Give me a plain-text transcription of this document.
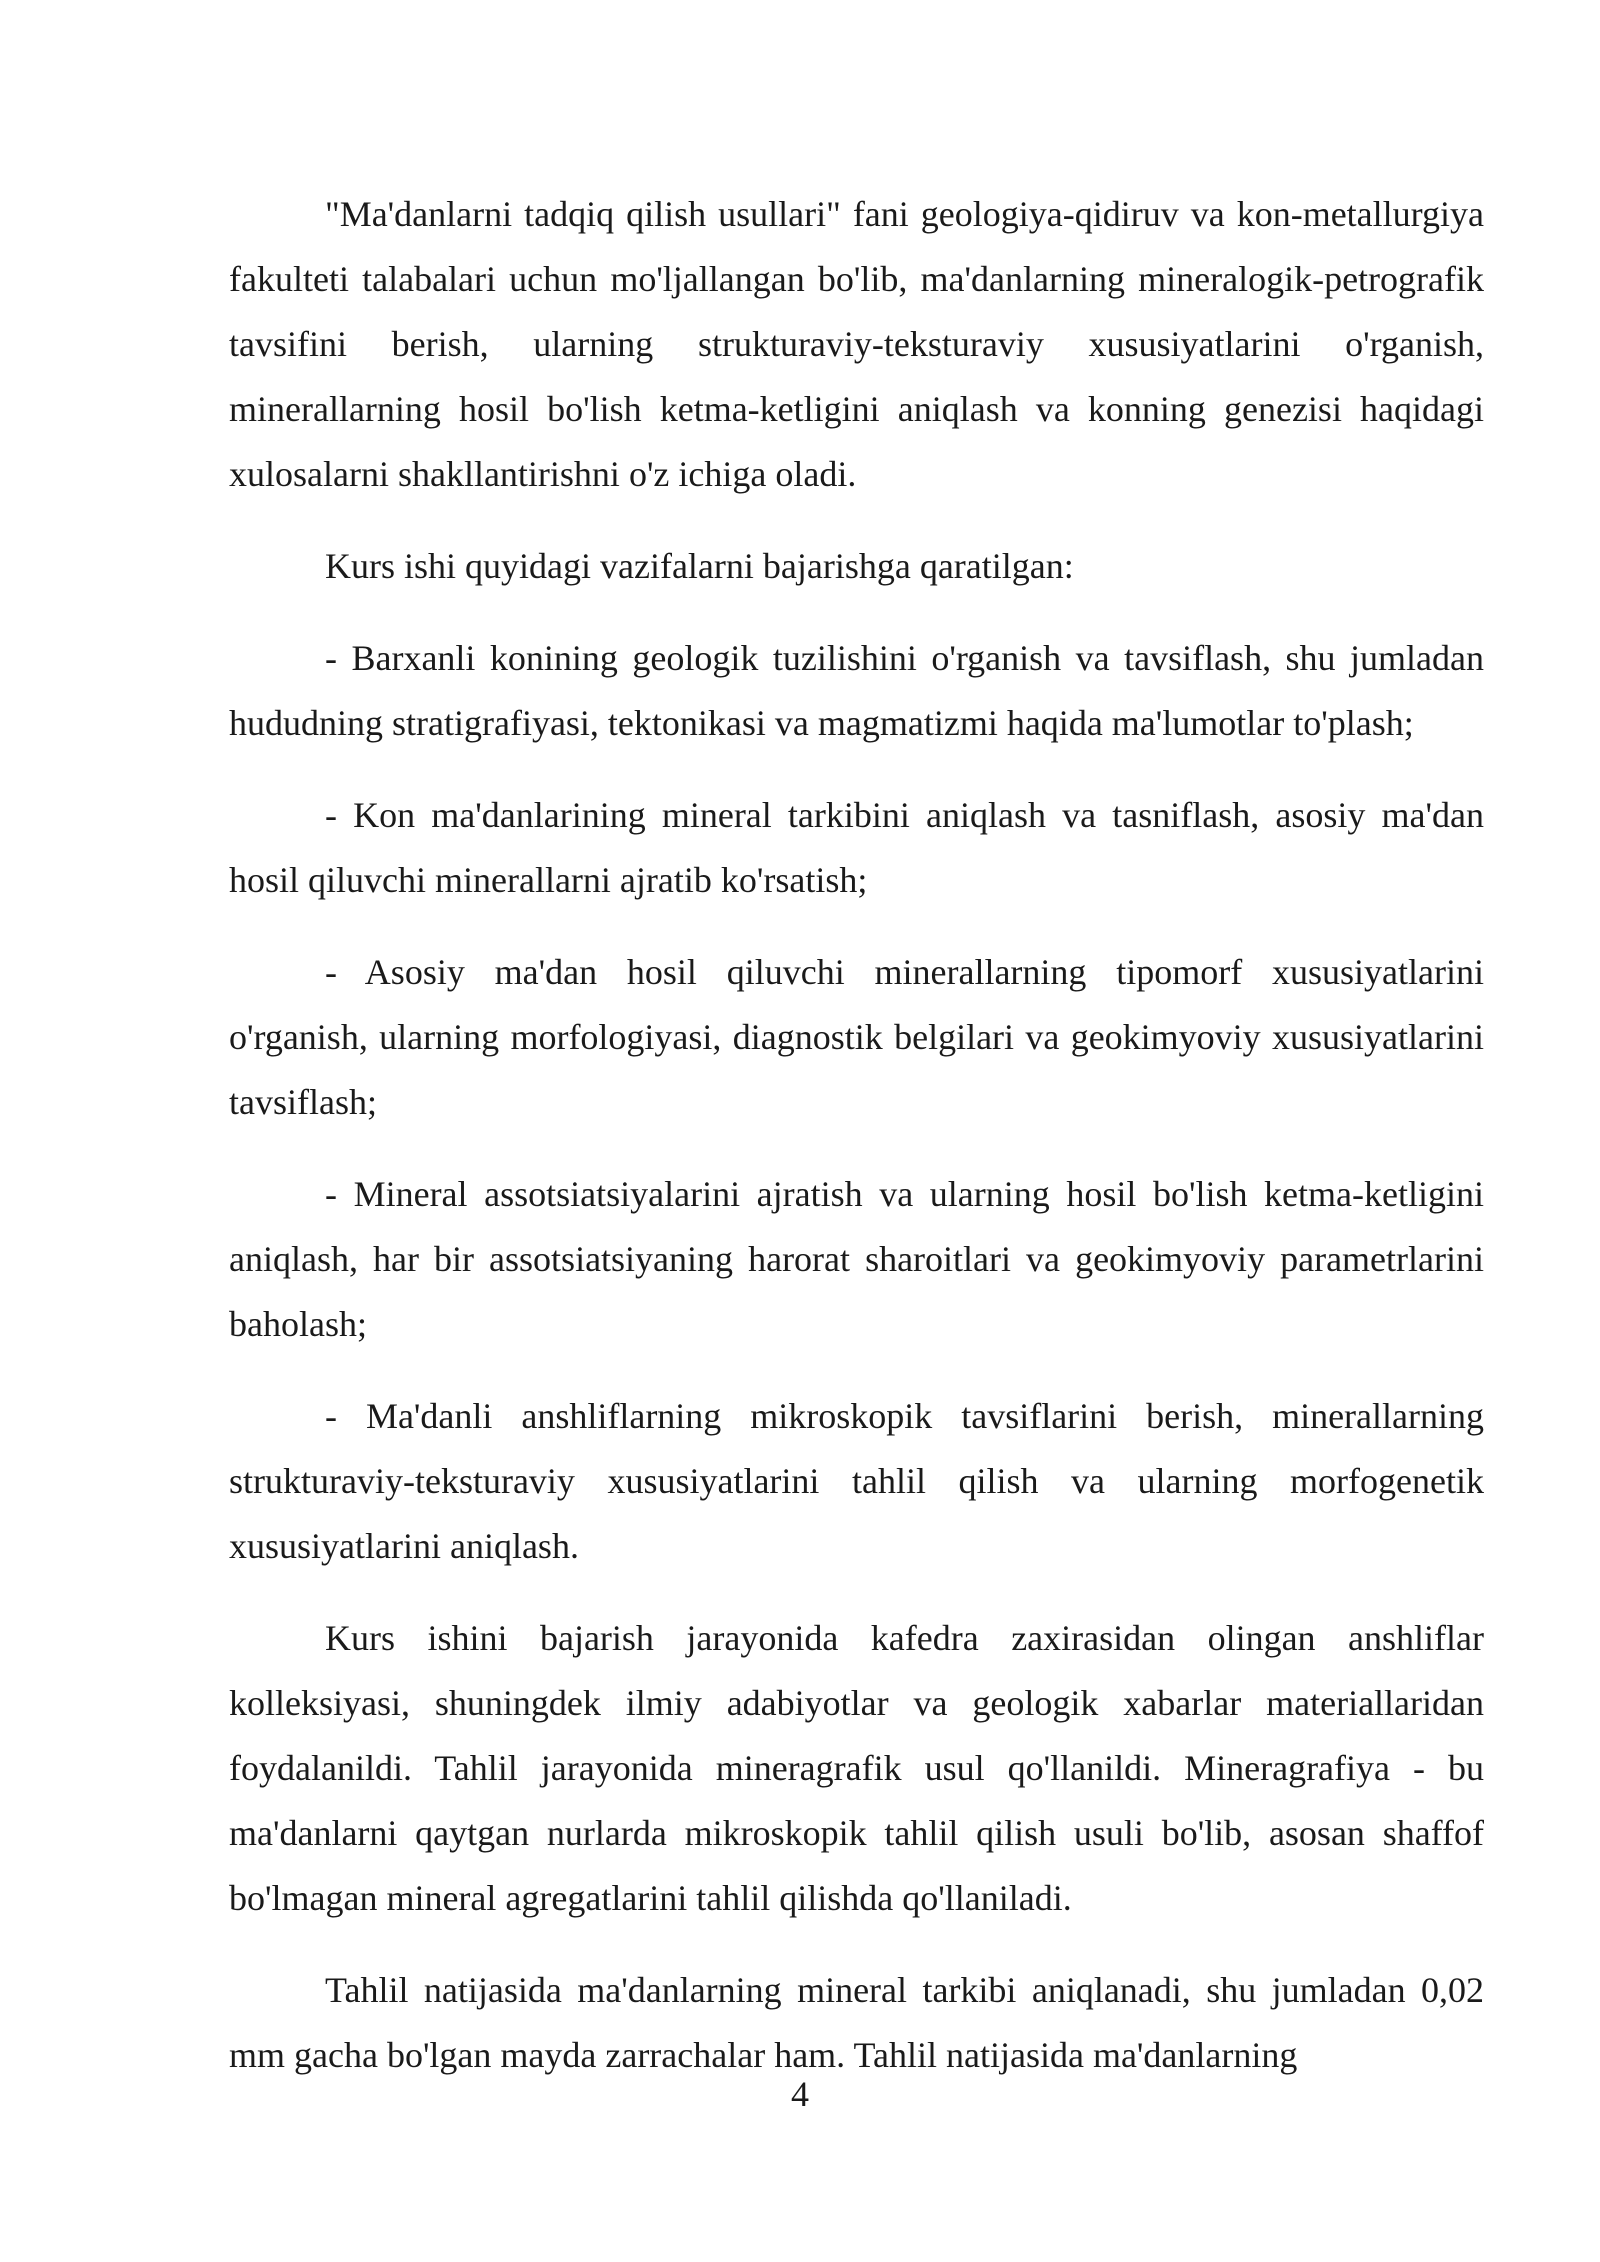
"Ma'danlarni tadqiq qilish usullari" fani geologiya-qidiruv va kon-metallurgiya fakulteti talabalari uchun mo'ljallangan bo'lib, ma'danlarning mineralogik-petrografik tavsifini berish, ularning strukturaviy-teksturaviy xususiyatlarini o'rganish, minerallarning hosil bo'lish ketma-ketligini aniqlash va konning genezisi haqidagi xulosalarni shakllantirishni o'z ichiga oladi.

Kurs ishi quyidagi vazifalarni bajarishga qaratilgan:

- Barxanli konining geologik tuzilishini o'rganish va tavsiflash, shu jumladan hududning stratigrafiyasi, tektonikasi va magmatizmi haqida ma'lumotlar to'plash;

- Kon ma'danlarining mineral tarkibini aniqlash va tasniflash, asosiy ma'dan hosil qiluvchi minerallarni ajratib ko'rsatish;

- Asosiy ma'dan hosil qiluvchi minerallarning tipomorf xususiyatlarini o'rganish, ularning morfologiyasi, diagnostik belgilari va geokimyoviy xususiyatlarini tavsiflash;

- Mineral assotsiatsiyalarini ajratish va ularning hosil bo'lish ketma-ketligini aniqlash, har bir assotsiatsiyaning harorat sharoitlari va geokimyoviy parametrlarini baholash;

- Ma'danli anshliflarning mikroskopik tavsiflarini berish, minerallarning strukturaviy-teksturaviy xususiyatlarini tahlil qilish va ularning morfogenetik xususiyatlarini aniqlash.

Kurs ishini bajarish jarayonida kafedra zaxirasidan olingan anshliflar kolleksiyasi, shuningdek ilmiy adabiyotlar va geologik xabarlar materiallaridan foydalanildi. Tahlil jarayonida mineragrafik usul qo'llanildi. Mineragrafiya - bu ma'danlarni qaytgan nurlarda mikroskopik tahlil qilish usuli bo'lib, asosan shaffof bo'lmagan mineral agregatlarini tahlil qilishda qo'llaniladi.

Tahlil natijasida ma'danlarning mineral tarkibi aniqlanadi, shu jumladan 0,02 mm gacha bo'lgan mayda zarrachalar ham. Tahlil natijasida ma'danlarning

4
